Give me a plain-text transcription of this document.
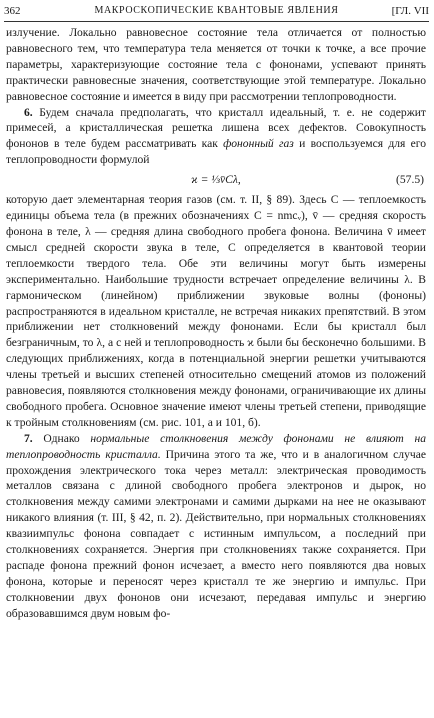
362	МАКРОСКОПИЧЕСКИЕ КВАНТОВЫЕ ЯВЛЕНИЯ	[ГЛ. VII

излучение. Локально равновесное состояние тела отличается от полностью равновесного тем, что температура тела меняется от точки к точке, а все прочие параметры, характеризующие состояние тела с фононами, успевают принять практически равновесные значения, соответствующие этой температуре. Локально равновесное состояние и имеется в виду при рассмотрении теплопроводности.

6. Будем сначала предполагать, что кристалл идеальный, т. е. не содержит примесей, а кристаллическая решетка лишена всех дефектов. Совокупность фононов в теле будем рассматривать как фононный газ и воспользуемся для его теплопроводности формулой

ϰ = ⅓v̄Cλ,	(57.5)

которую дает элементарная теория газов (см. т. II, § 89). Здесь C — теплоемкость единицы объема тела (в прежних обозначениях C = nmcᵥ), v̄ — средняя скорость фонона в теле, λ — средняя длина свободного пробега фонона. Величина v̄ имеет смысл средней скорости звука в теле, C определяется в квантовой теории теплоемкости твердого тела. Обе эти величины могут быть измерены экспериментально. Наибольшие трудности встречает определение величины λ. В гармоническом (линейном) приближении звуковые волны (фононы) распространяются в идеальном кристалле, не встречая никаких препятствий. В этом приближении нет столкновений между фононами. Если бы кристалл был безграничным, то λ, а с ней и теплопроводность ϰ были бы бесконечно большими. В следующих приближениях, когда в потенциальной энергии решетки учитываются члены третьей и высших степеней относительно смещений атомов из положений равновесия, появляются столкновения между фононами, ограничивающие их длины свободного пробега. Основное значение имеют члены третьей степени, приводящие к тройным столкновениям (см. рис. 101, а и 101, б).

7. Однако нормальные столкновения между фононами не влияют на теплопроводность кристалла. Причина этого та же, что и в аналогичном случае прохождения электрического тока через металл: электрическая проводимость металлов связана с длиной свободного пробега электронов и дырок, но столкновения между самими электронами и самими дырками на нее не оказывают никакого влияния (т. III, § 42, п. 2). Действительно, при нормальных столкновениях квазиимпульс фонона совпадает с истинным импульсом, а последний при столкновениях сохраняется. Энергия при столкновениях также сохраняется. При распаде фонона прежний фонон исчезает, а вместо него появляются два новых фонона, которые и переносят через кристалл те же энергию и импульс. При столкновении двух фононов они исчезают, передавая импульс и энергию образовавшимся двум новым фо-
